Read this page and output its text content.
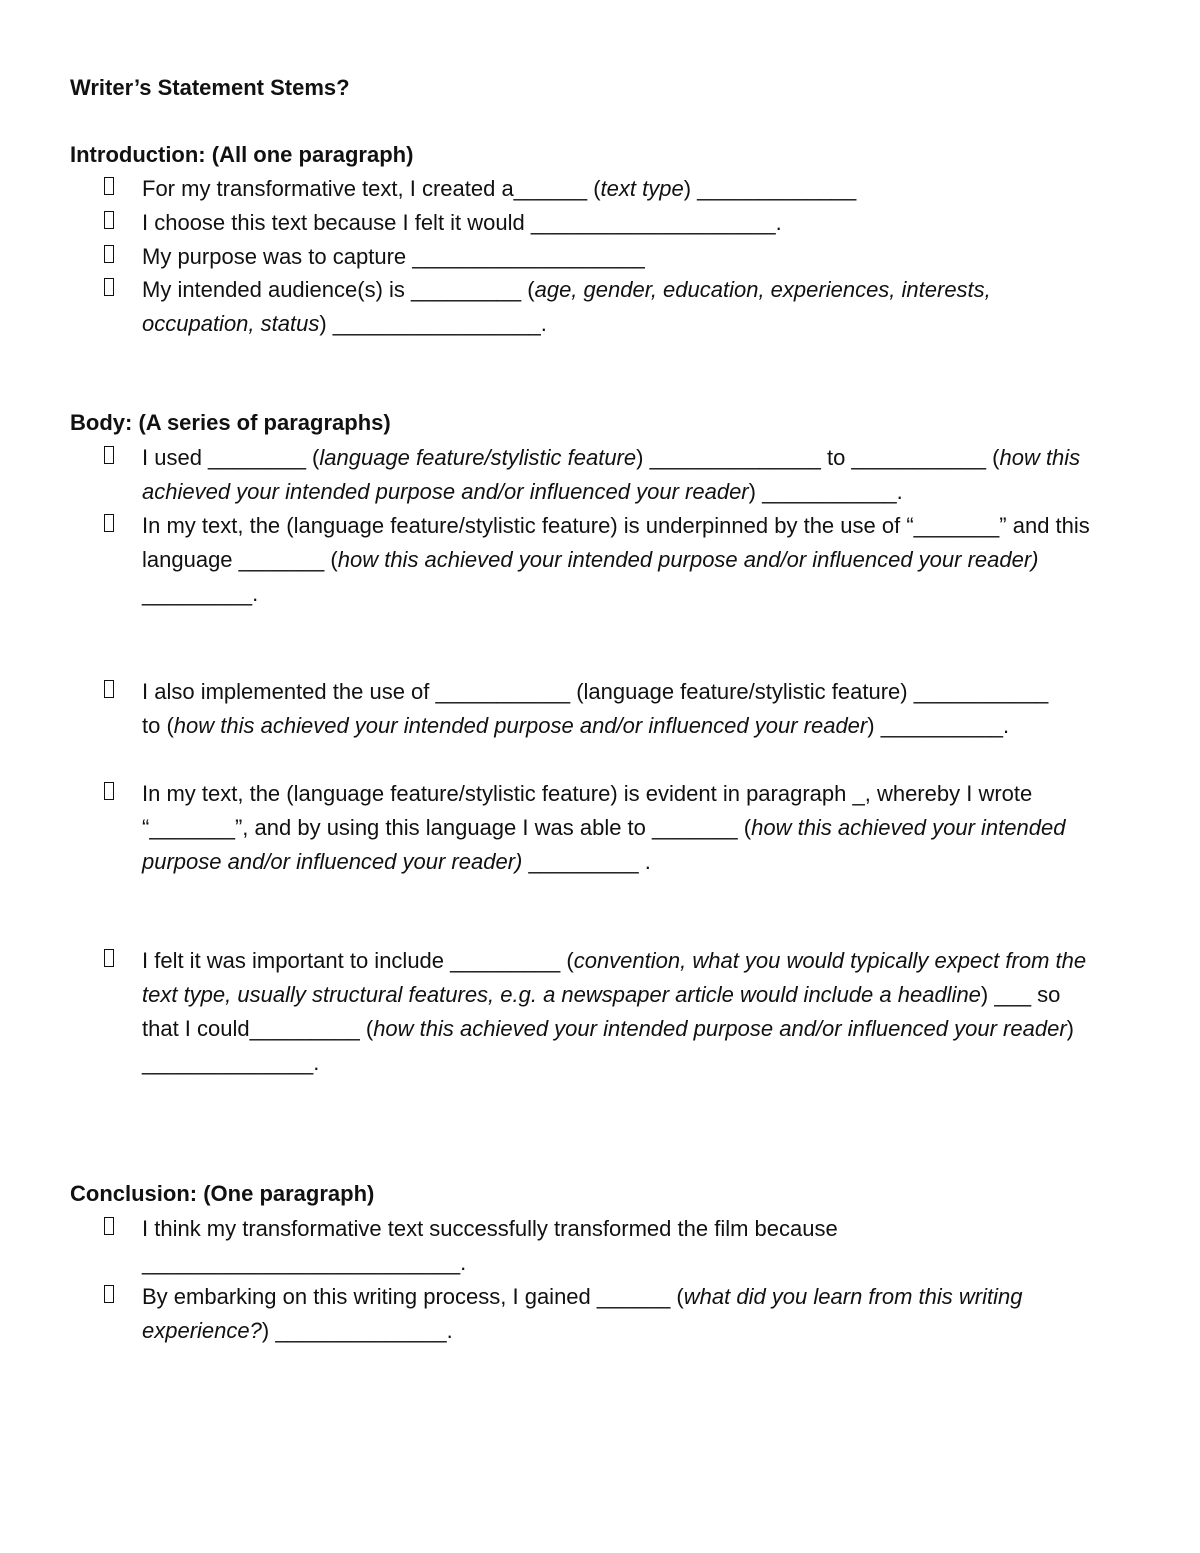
Writer’s Statement Stems?
Introduction: (All one paragraph)
For my transformative text, I created a______ (text type) _____________
I choose this text because I felt it would ____________________.
My purpose was to capture ___________________
My intended audience(s) is _________ (age, gender, education, experiences, interests, occupation, status) _________________.
Body: (A series of paragraphs)
I used ________ (language feature/stylistic feature) ______________ to ___________ (how this achieved your intended purpose and/or influenced your reader) ___________.
In my text, the (language feature/stylistic feature) is underpinned by the use of “_______” and this language _______ (how this achieved your intended purpose and/or influenced your reader) _________.
I also implemented the use of ___________ (language feature/stylistic feature) ___________ to (how this achieved your intended purpose and/or influenced your reader) __________.
In my text, the (language feature/stylistic feature) is evident in paragraph _, whereby I wrote “_______”, and by using this language I was able to _______ (how this achieved your intended purpose and/or influenced your reader) _________ .
I felt it was important to include _________ (convention, what you would typically expect from the text type, usually structural features, e.g. a newspaper article would include a headline) ___ so that I could_________ (how this achieved your intended purpose and/or influenced your reader) ______________.
Conclusion: (One paragraph)
I think my transformative text successfully transformed the film because __________________________.
By embarking on this writing process, I gained ______ (what did you learn from this writing experience?) ______________.
